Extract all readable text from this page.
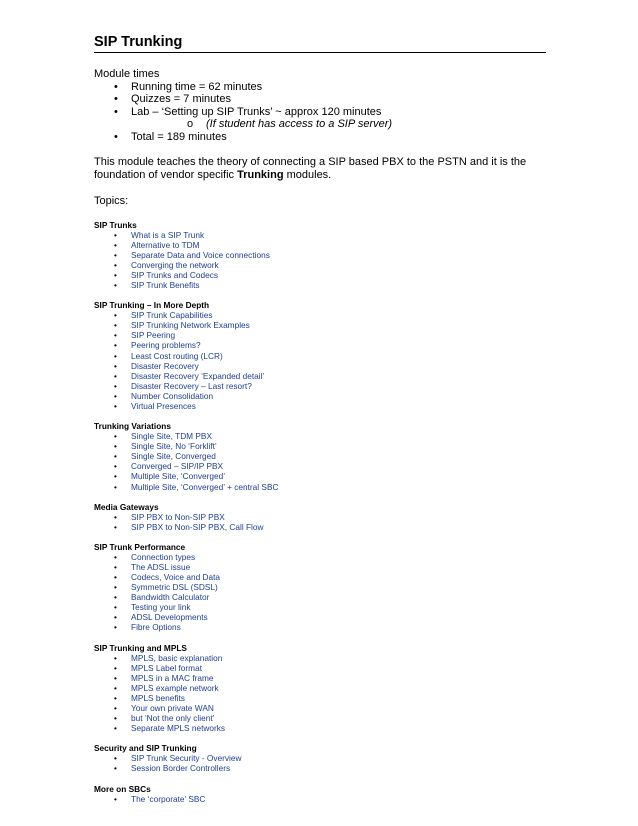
SIP Trunking
Module times
• Running time = 62 minutes
• Quizzes = 7 minutes
• Lab – ‘Setting up SIP Trunks’ ~ approx 120 minutes
o (If student has access to a SIP server)
• Total = 189 minutes

This module teaches the theory of connecting a SIP based PBX to the PSTN and it is the foundation of vendor specific Trunking modules.

Topics:
SIP Trunks
• What is a SIP Trunk
• Alternative to TDM
• Separate Data and Voice connections
• Converging the network
• SIP Trunks and Codecs
• SIP Trunk Benefits
SIP Trunking – In More Depth
• SIP Trunk Capabilities
• SIP Trunking Network Examples
• SIP Peering
• Peering problems?
• Least Cost routing (LCR)
• Disaster Recovery
• Disaster Recovery ‘Expanded detail’
• Disaster Recovery – Last resort?
• Number Consolidation
• Virtual Presences
Trunking Variations
• Single Site, TDM PBX
• Single Site, No ‘Forklift’
• Single Site, Converged
• Converged – SIP/IP PBX
• Multiple Site, ‘Converged’
• Multiple Site, ‘Converged’ + central SBC
Media Gateways
• SIP PBX to Non-SIP PBX
• SIP PBX to Non-SIP PBX, Call Flow
SIP Trunk Performance
• Connection types
• The ADSL issue
• Codecs, Voice and Data
• Symmetric DSL (SDSL)
• Bandwidth Calculator
• Testing your link
• ADSL Developments
• Fibre Options
SIP Trunking and MPLS
• MPLS, basic explanation
• MPLS Label format
• MPLS in a MAC frame
• MPLS example network
• MPLS benefits
• Your own private WAN
• but ‘Not the only client’
• Separate MPLS networks
Security and SIP Trunking
• SIP Trunk Security - Overview
• Session Border Controllers
More on SBCs
• The ‘corporate’ SBC
